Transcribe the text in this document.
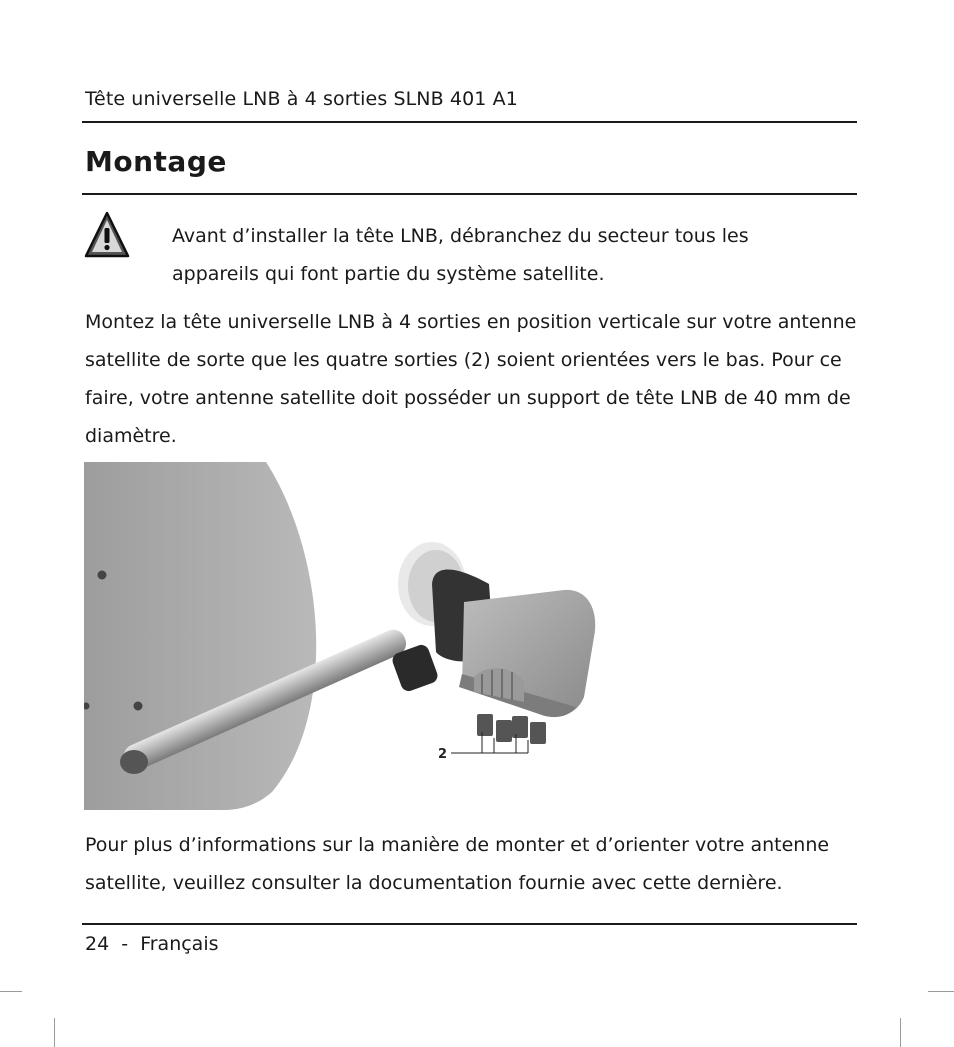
Tête universelle LNB à 4 sorties SLNB 401 A1
Montage
Avant d’installer la tête LNB, débranchez du secteur tous les appareils qui font partie du système satellite.
Montez la tête universelle LNB à 4 sorties en position verticale sur votre antenne satellite de sorte que les quatre sorties (2) soient orientées vers le bas. Pour ce faire, votre antenne satellite doit posséder un support de tête LNB de 40 mm de diamètre.
2
Pour plus d’informations sur la manière de monter et d’orienter votre antenne satellite, veuillez consulter la documentation fournie avec cette dernière.
24  -  Français
